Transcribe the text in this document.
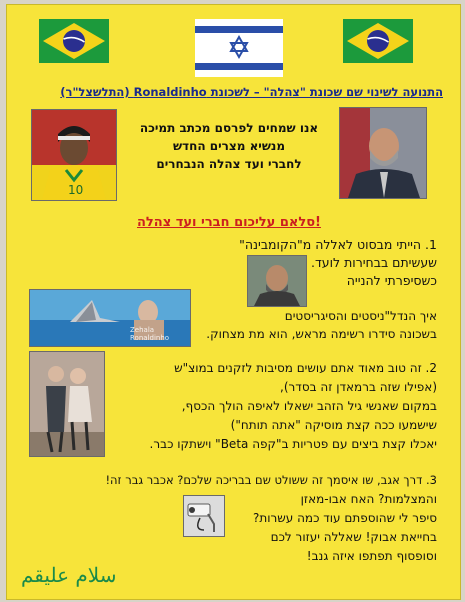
התנועה לשינוי שם שכונת "צהלה" – לשכונת Ronaldinho (התלשצל"ר)
10
אנו שמחים לפרסם מכתב תמיכה
מנשיא מצרים החדש
לחברי ועד צהלה הנבחרים
סלאם עליכום חברי ועד צהלה!
1. הייתי מבסוט לאללה מ"הקומבינה"
שעשיתם בבחירות לועד.
כשסיפרתי להנייה
Zehala Ronaldinho
איך הנדל"ניסטים והסיגריסטים
בשכונה סידרו רשימה מראש, הוא מת מצחוק.
2. זה טוב מאוד אתם עושים מסיבות לזקנים במוצ"ש
(אפילו שזה ברמאדן זה בסדר),
במקום שאנשי גיל הזהב ישאלו לאיפה הולך הכסף,
שישמעו ככה קצת מוסיקה "אתה תותח")
יאכלו קצת ביצים עם פטריות ב"קפה Beta" וישתקו כבר.
3. דרך אגב, שו איסמך זה ששולט שם בבריכה שלכם? אכבר גבר זה!
והמצלמות? האח אבו-מאזן
סיפר לי שהוספתם עוד כמה עשרות?
בחייאת אבוק! שאללה יעזור לכם
וסופסוף תפתפו איזה גנב!
سلام عليقم
